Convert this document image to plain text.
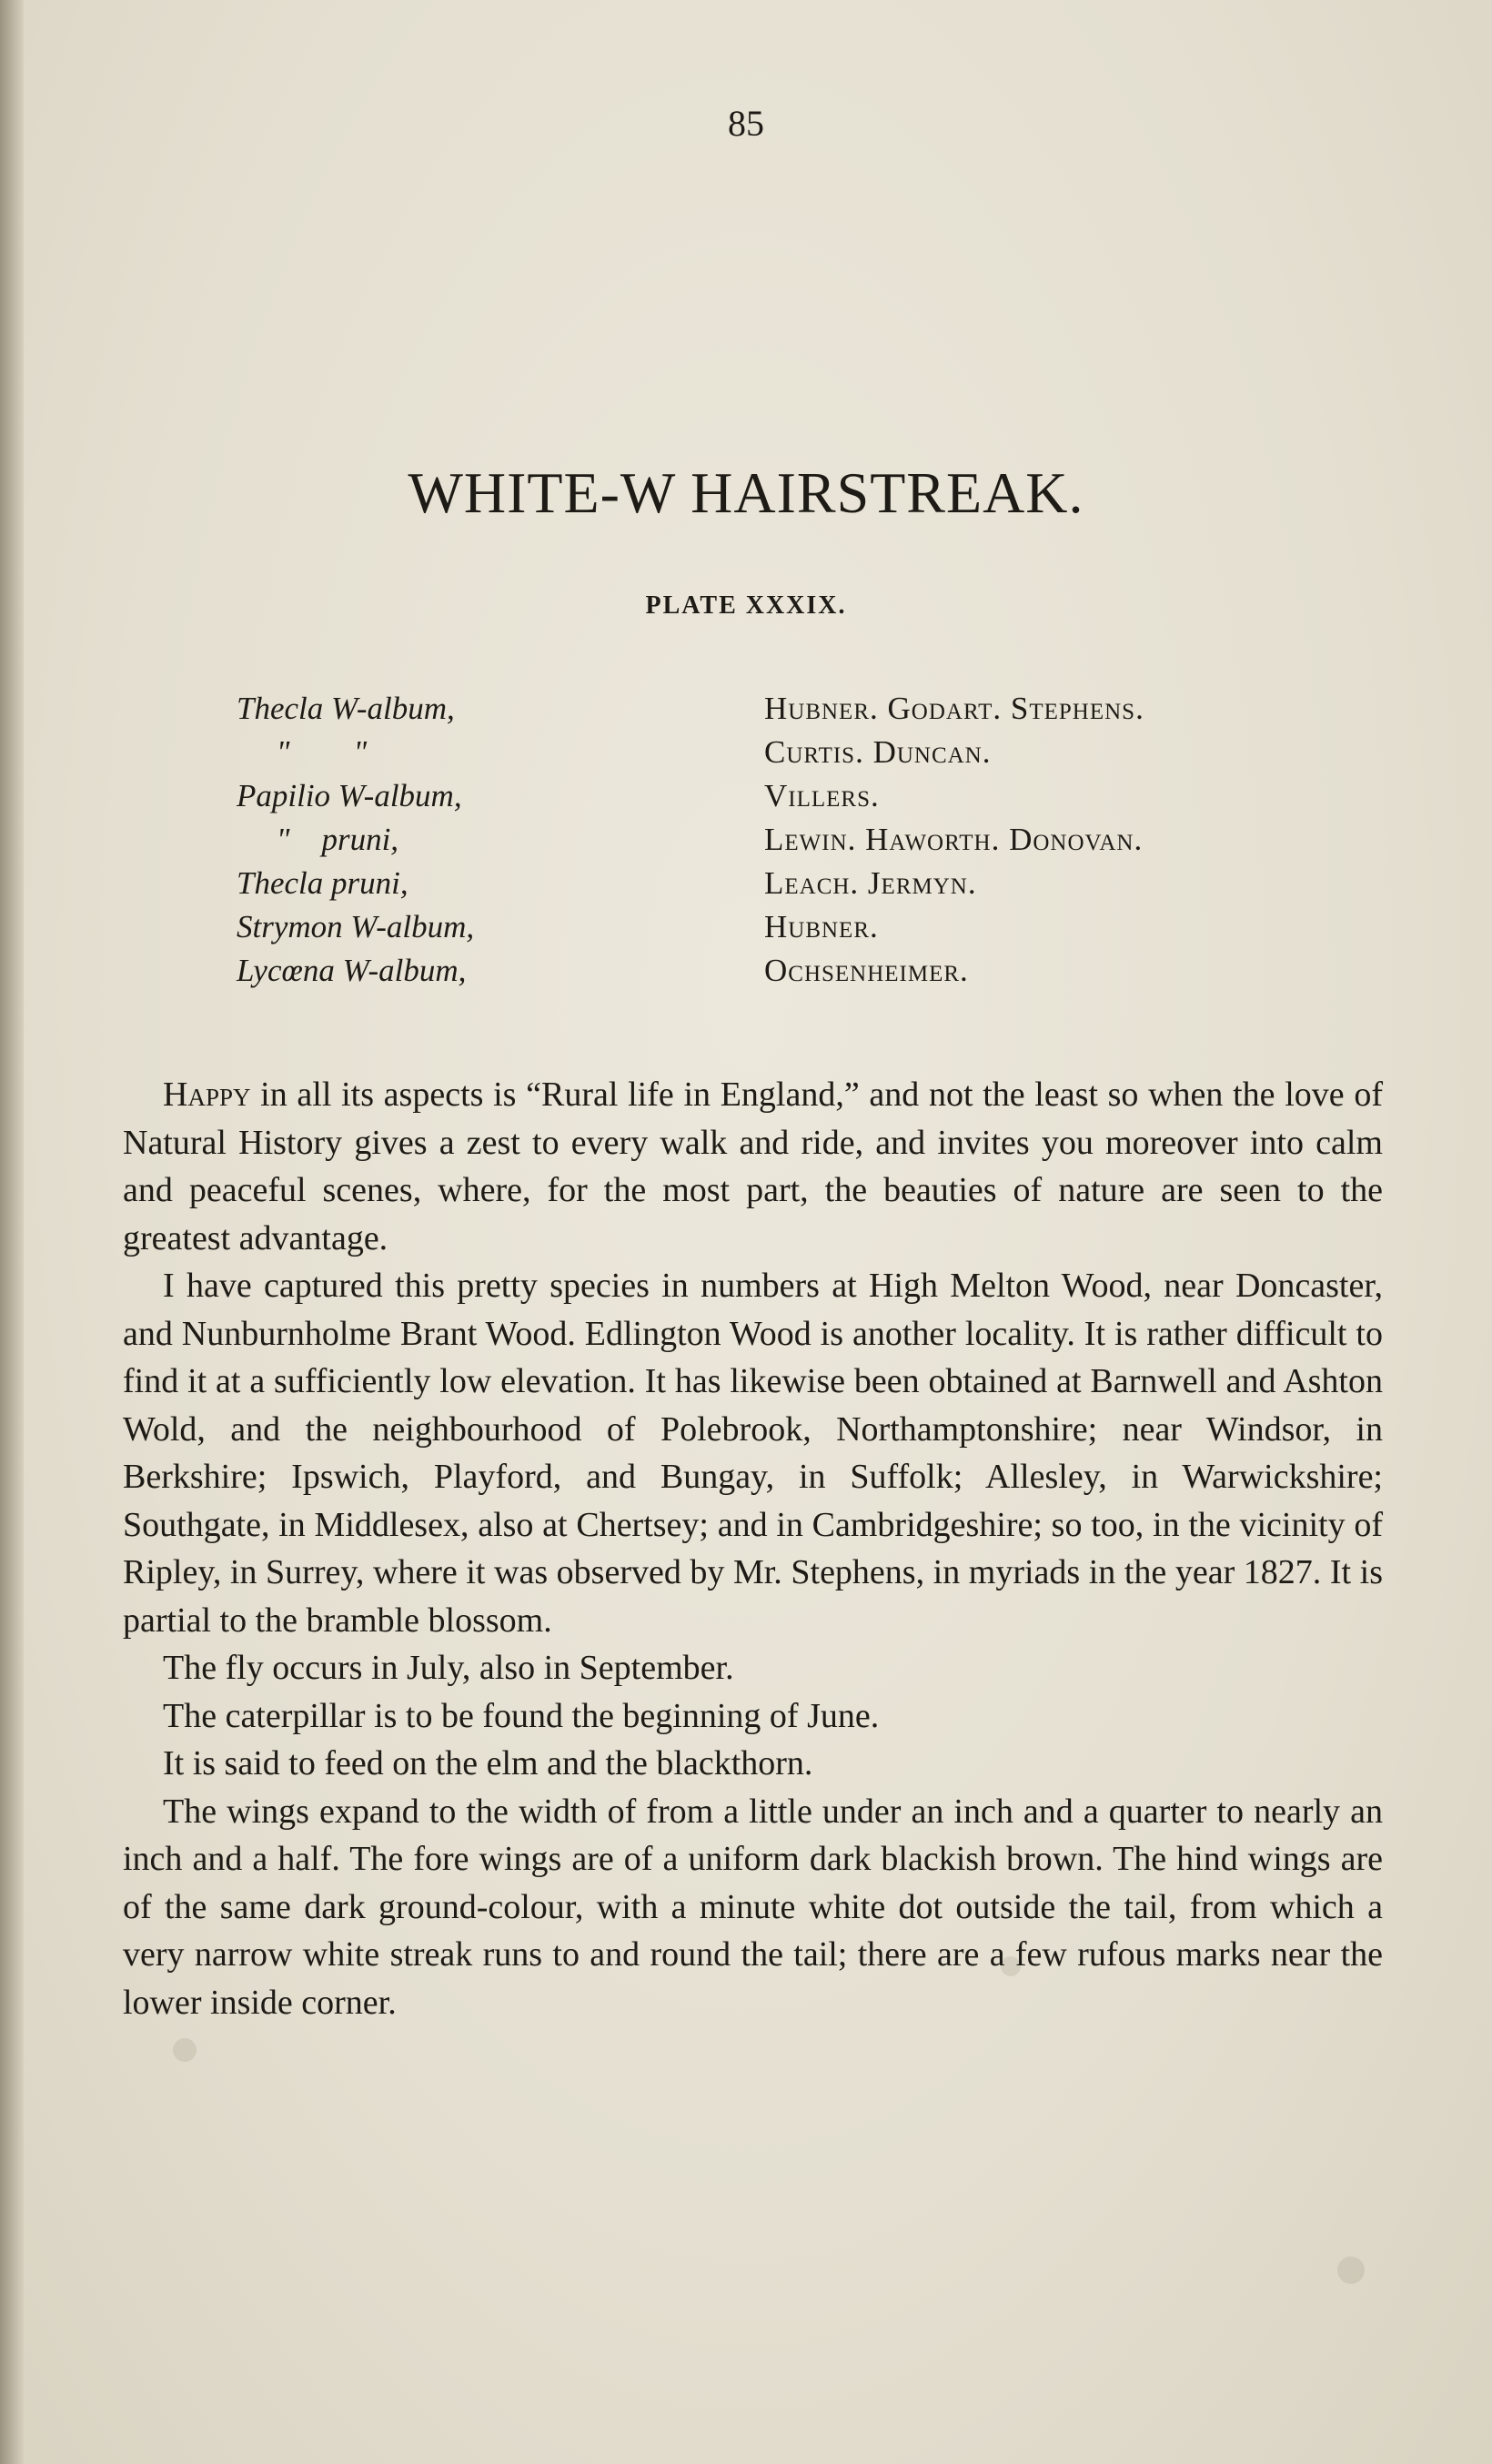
85
WHITE-W HAIRSTREAK.
PLATE XXXIX.
Thecla W-album,	Hubner. Godart. Stephens.
"        "	Curtis. Duncan.
Papilio W-album,	Villers.
"    pruni,	Lewin. Haworth. Donovan.
Thecla pruni,	Leach. Jermyn.
Strymon W-album,	Hubner.
Lycœna W-album,	Ochsenheimer.

Happy in all its aspects is “Rural life in England,” and not the least so when the love of Natural History gives a zest to every walk and ride, and invites you moreover into calm and peaceful scenes, where, for the most part, the beauties of nature are seen to the greatest advantage.

I have captured this pretty species in numbers at High Melton Wood, near Doncaster, and Nunburnholme Brant Wood. Edlington Wood is another locality. It is rather difficult to find it at a sufficiently low elevation. It has likewise been obtained at Barnwell and Ashton Wold, and the neighbourhood of Polebrook, Northamptonshire; near Windsor, in Berkshire; Ipswich, Playford, and Bungay, in Suffolk; Allesley, in Warwickshire; Southgate, in Middlesex, also at Chertsey; and in Cambridgeshire; so too, in the vicinity of Ripley, in Surrey, where it was observed by Mr. Stephens, in myriads in the year 1827. It is partial to the bramble blossom.

The fly occurs in July, also in September.

The caterpillar is to be found the beginning of June.

It is said to feed on the elm and the blackthorn.

The wings expand to the width of from a little under an inch and a quarter to nearly an inch and a half. The fore wings are of a uniform dark blackish brown. The hind wings are of the same dark ground-colour, with a minute white dot outside the tail, from which a very narrow white streak runs to and round the tail; there are a few rufous marks near the lower inside corner.
